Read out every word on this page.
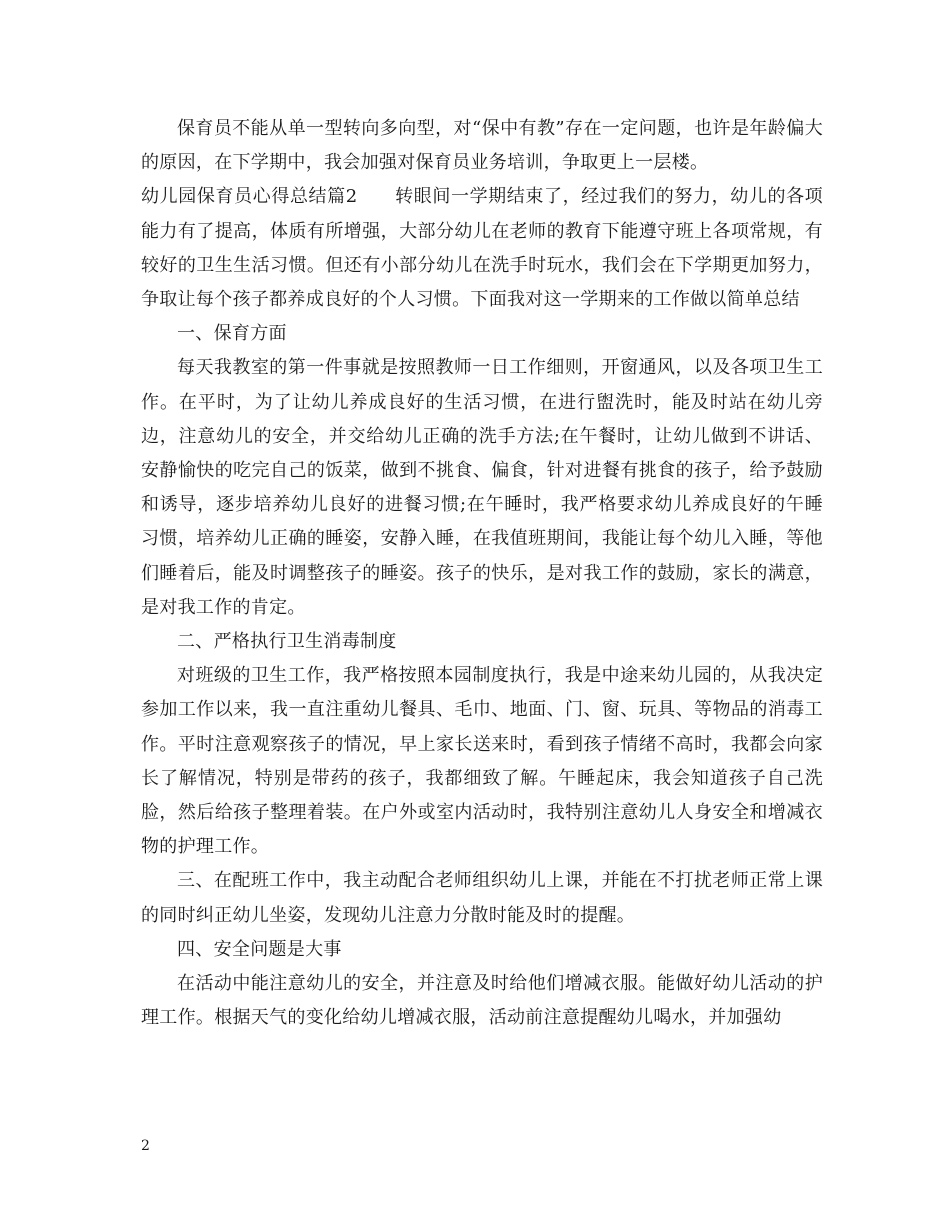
保育员不能从单一型转向多向型，对“保中有教”存在一定问题，也许是年龄偏大的原因，在下学期中，我会加强对保育员业务培训，争取更上一层楼。

幼儿园保育员心得总结篇2　　转眼间一学期结束了，经过我们的努力，幼儿的各项能力有了提高，体质有所增强，大部分幼儿在老师的教育下能遵守班上各项常规，有较好的卫生生活习惯。但还有小部分幼儿在洗手时玩水，我们会在下学期更加努力，争取让每个孩子都养成良好的个人习惯。下面我对这一学期来的工作做以简单总结

一、保育方面

每天我教室的第一件事就是按照教师一日工作细则，开窗通风，以及各项卫生工作。在平时，为了让幼儿养成良好的生活习惯，在进行盥洗时，能及时站在幼儿旁边，注意幼儿的安全，并交给幼儿正确的洗手方法;在午餐时，让幼儿做到不讲话、安静愉快的吃完自己的饭菜，做到不挑食、偏食，针对进餐有挑食的孩子，给予鼓励和诱导，逐步培养幼儿良好的进餐习惯;在午睡时，我严格要求幼儿养成良好的午睡习惯，培养幼儿正确的睡姿，安静入睡，在我值班期间，我能让每个幼儿入睡，等他们睡着后，能及时调整孩子的睡姿。孩子的快乐，是对我工作的鼓励，家长的满意，是对我工作的肯定。

二、严格执行卫生消毒制度

对班级的卫生工作，我严格按照本园制度执行，我是中途来幼儿园的，从我决定参加工作以来，我一直注重幼儿餐具、毛巾、地面、门、窗、玩具、等物品的消毒工作。平时注意观察孩子的情况，早上家长送来时，看到孩子情绪不高时，我都会向家长了解情况，特别是带药的孩子，我都细致了解。午睡起床，我会知道孩子自己洗脸，然后给孩子整理着装。在户外或室内活动时，我特别注意幼儿人身安全和增减衣物的护理工作。

三、在配班工作中，我主动配合老师组织幼儿上课，并能在不打扰老师正常上课的同时纠正幼儿坐姿，发现幼儿注意力分散时能及时的提醒。

四、安全问题是大事

在活动中能注意幼儿的安全，并注意及时给他们增减衣服。能做好幼儿活动的护理工作。根据天气的变化给幼儿增减衣服，活动前注意提醒幼儿喝水，并加强幼

2
